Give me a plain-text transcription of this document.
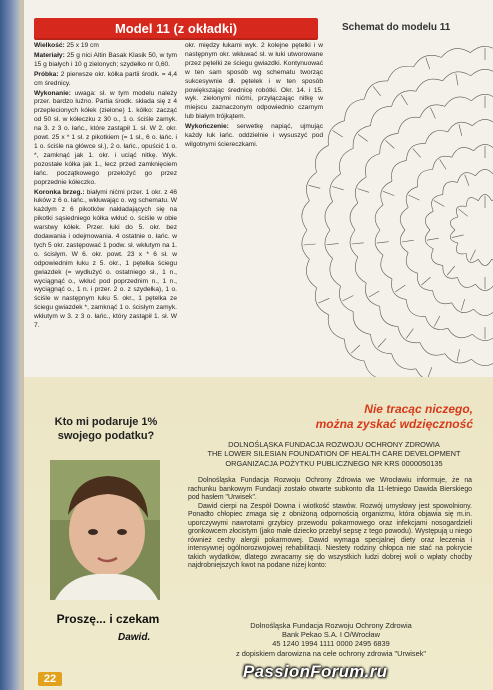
Model 11 (z okładki)	Schemat do modelu 11

Wielkość: 25 x 19 cm

Materiały: 25 g nici Altin Basak Klasik 50, w tym 15 g białych i 10 g zielonych; szydełko nr 0,60.

Próbka: 2 pierwsze okr. kółka partii środk. = 4,4 cm średnicy.

Wykonanie: uwaga: sł. w tym modelu należy przer. bardzo luźno. Partia środk. składa się z 4 przeplecionych kółek (zielone) 1. kółko: zacząć od 50 sł. w kółeczku z 30 o., 1 o. ściśle zamyk. na 3. z 3 o. łańc., które zastąpił 1. sł. W 2. okr. powt. 25 x * 1 sł. z pikotkiem (= 1 sł., 6 o. łańc. i 1 o. ściśle na główce sł.), 2 o. łańc., opuścić 1 o. *, zamknąć jak 1. okr. i uciąć nitkę. Wyk. pozostałe kółka jak 1., lecz przed zamknięciem łańc. początkowego przełożyć go przez poprzednie kółeczko.

Koronka brzeg.: białymi nićmi przer. 1 okr. z 46 łuków z 6 o. łańc., wkłuwając o. wg schematu. W każdym z 6 pikotków nakładających się na pikotki sąsiedniego kółka wkłuć o. ściśle w obie warstwy kółek. Przer. łuki do 5. okr. bez dodawania i odejmowania. 4 ostatnie o. łańc. w tych 5 okr. zastępować 1 podw. sł. wkłutym na 1. o. ścisłym. W 6. okr. powt. 23 x * 6 sł. w odpowiednim łuku z 5. okr., 1 pętelka ściegu gwiazdek (= wydłużyć o. ostatniego sł., 1 n., wyciągnąć o., wkłuć pod poprzednim n., 1 n., wyciągnąć o., 1 n. i przer. 2 o. z szydełka), 1 o. ściśle w następnym łuku 5. okr., 1 pętelka ze ściegu gwiazdek *, zamknąć 1 o. ścisłym zamyk. wkłutym w 3. z 3 o. łańc., który zastąpił 1. sł. W 7.

okr. między łukami wyk. 2 kolejne pętelki i w następnym okr. wkłuwać sł. w łuki utworowane przez pętelki ze ściegu gwiazdki. Kontynuować w ten sam sposób wg schematu tworząc sukcesywnie dł. pętelek i w ten sposób powiększając średnicę robótki. Okr. 14. i 15. wyk. zielonymi nićmi, przyłączając nitkę w miejscu zaznaczonym odpowiednio czarnym lub białym trójkątem.

Wykończenie: serwetkę napiąć, ujmując każdy łuk łańc. oddzielnie i wysuszyć pod wilgotnymi ściereczkami.

Kto mi podaruje 1% swojego podatku?
Nie tracąc niczego,
można zyskać wdzięczność
Proszę... i czekam
Dawid.
DOLNOŚLĄSKA FUNDACJA ROZWOJU OCHRONY ZDROWIA
THE LOWER SILESIAN FOUNDATION OF HEALTH CARE DEVELOPMENT
ORGANIZACJA POŻYTKU PUBLICZNEGO NR KRS 0000050135

Dolnośląska Fundacja Rozwoju Ochrony Zdrowia we Wrocławiu informuje, że na rachunku bankowym Fundacji zostało otwarte subkonto dla 11-letniego Dawida Bierskiego pod hasłem "Urwisek".

Dawid cierpi na Zespół Downa i wiotkość stawów. Rozwój umysłowy jest spowolniony. Ponadto chłopiec zmaga się z obniżoną odpornością organizmu, która objawia się m.in. uporczywymi nawrotami grzybicy przewodu pokarmowego oraz infekcjami nosogardzieli gronkowcem złocistym (jako małe dziecko przebył sepsę z tego powodu). Występują u niego również cechy alergii pokarmowej. Dawid wymaga specjalnej diety oraz leczenia i intensywnej ogólnorozwojowej rehabilitacji. Niestety rodziny chłopca nie stać na pokrycie takich wydatków, dlatego zwracamy się do wszystkich ludzi dobrej woli o wpłaty choćby najdrobniejszych kwot na podane niżej konto:

Dolnośląska Fundacja Rozwoju Ochrony Zdrowia
Bank Pekao S.A. I O/Wrocław
45 1240 1994 1111 0000 2495 6839
z dopiskiem darowizna na cele ochrony zdrowia "Urwisek"
22	PassionForum.ru
